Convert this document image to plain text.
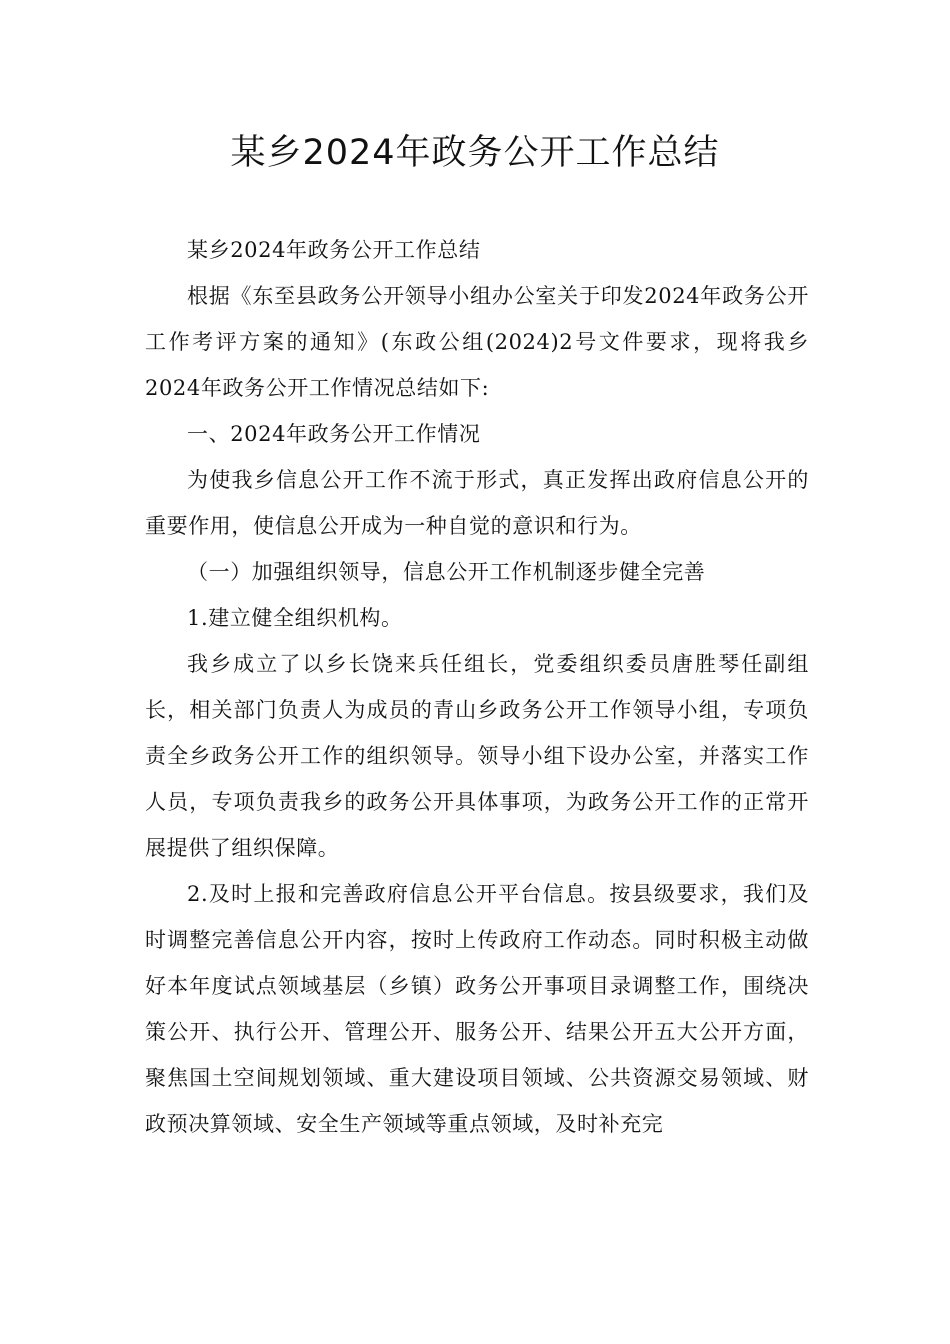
某乡2024年政务公开工作总结

某乡2024年政务公开工作总结

根据《东至县政务公开领导小组办公室关于印发2024年政务公开工作考评方案的通知》(东政公组(2024)2号文件要求，现将我乡2024年政务公开工作情况总结如下:

一、2024年政务公开工作情况

为使我乡信息公开工作不流于形式，真正发挥出政府信息公开的重要作用，使信息公开成为一种自觉的意识和行为。

（一）加强组织领导，信息公开工作机制逐步健全完善

1.建立健全组织机构。

我乡成立了以乡长饶来兵任组长，党委组织委员唐胜琴任副组长，相关部门负责人为成员的青山乡政务公开工作领导小组，专项负责全乡政务公开工作的组织领导。领导小组下设办公室，并落实工作人员，专项负责我乡的政务公开具体事项，为政务公开工作的正常开展提供了组织保障。

2.及时上报和完善政府信息公开平台信息。按县级要求，我们及时调整完善信息公开内容，按时上传政府工作动态。同时积极主动做好本年度试点领域基层（乡镇）政务公开事项目录调整工作，围绕决策公开、执行公开、管理公开、服务公开、结果公开五大公开方面，聚焦国土空间规划领域、重大建设项目领域、公共资源交易领域、财政预决算领域、安全生产领域等重点领域，及时补充完
